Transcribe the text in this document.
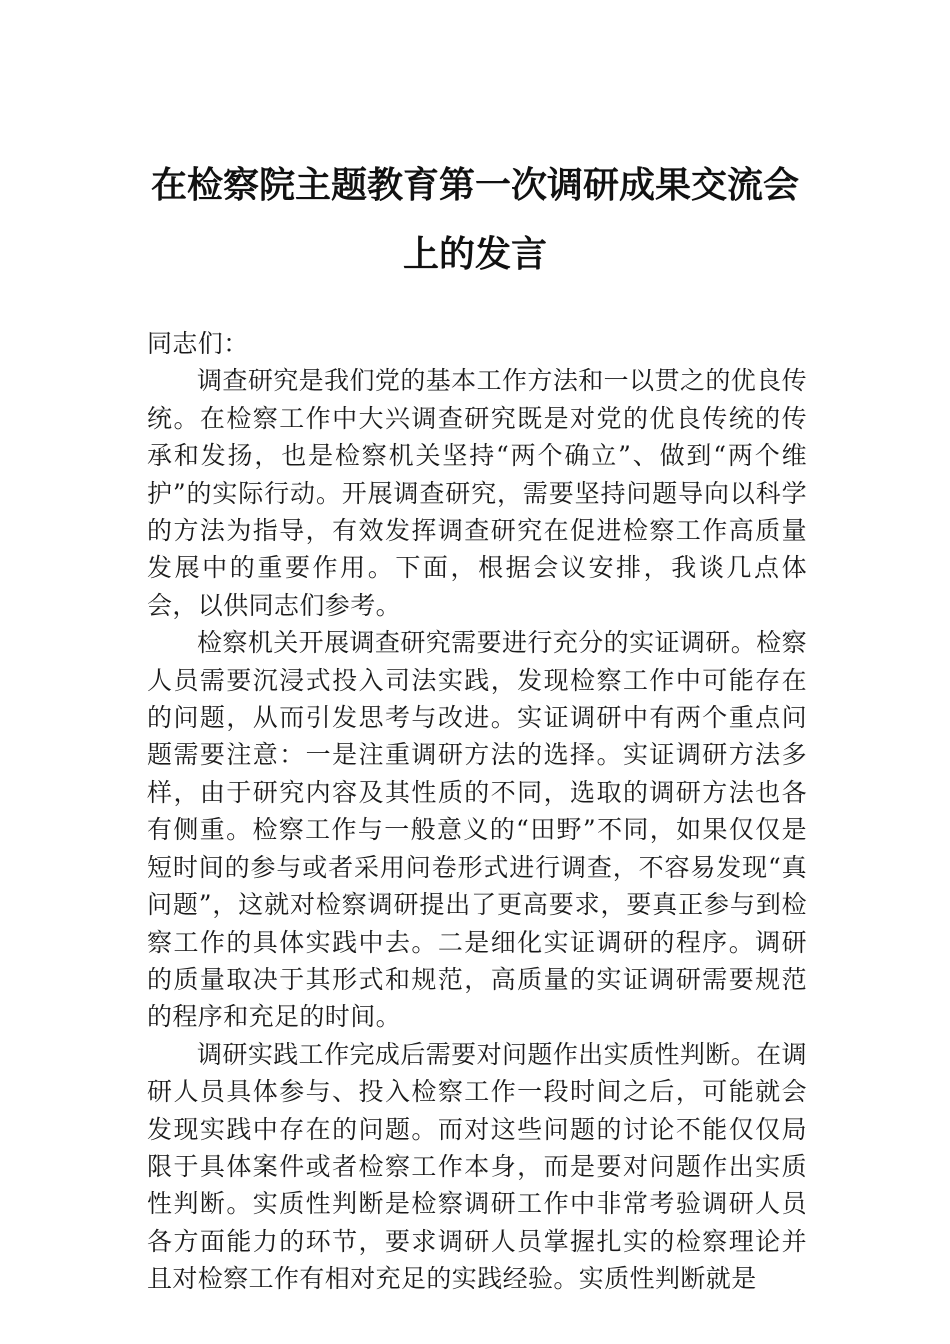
在检察院主题教育第一次调研成果交流会
上的发言

同志们：

调查研究是我们党的基本工作方法和一以贯之的优良传统。在检察工作中大兴调查研究既是对党的优良传统的传承和发扬，也是检察机关坚持“两个确立”、做到“两个维护”的实际行动。开展调查研究，需要坚持问题导向以科学的方法为指导，有效发挥调查研究在促进检察工作高质量发展中的重要作用。下面，根据会议安排，我谈几点体会，以供同志们参考。

检察机关开展调查研究需要进行充分的实证调研。检察人员需要沉浸式投入司法实践，发现检察工作中可能存在的问题，从而引发思考与改进。实证调研中有两个重点问题需要注意：一是注重调研方法的选择。实证调研方法多样，由于研究内容及其性质的不同，选取的调研方法也各有侧重。检察工作与一般意义的“田野”不同，如果仅仅是短时间的参与或者采用问卷形式进行调查，不容易发现“真问题”，这就对检察调研提出了更高要求，要真正参与到检察工作的具体实践中去。二是细化实证调研的程序。调研的质量取决于其形式和规范，高质量的实证调研需要规范的程序和充足的时间。

调研实践工作完成后需要对问题作出实质性判断。在调研人员具体参与、投入检察工作一段时间之后，可能就会发现实践中存在的问题。而对这些问题的讨论不能仅仅局限于具体案件或者检察工作本身，而是要对问题作出实质性判断。实质性判断是检察调研工作中非常考验调研人员各方面能力的环节，要求调研人员掌握扎实的检察理论并且对检察工作有相对充足的实践经验。实质性判断就是
